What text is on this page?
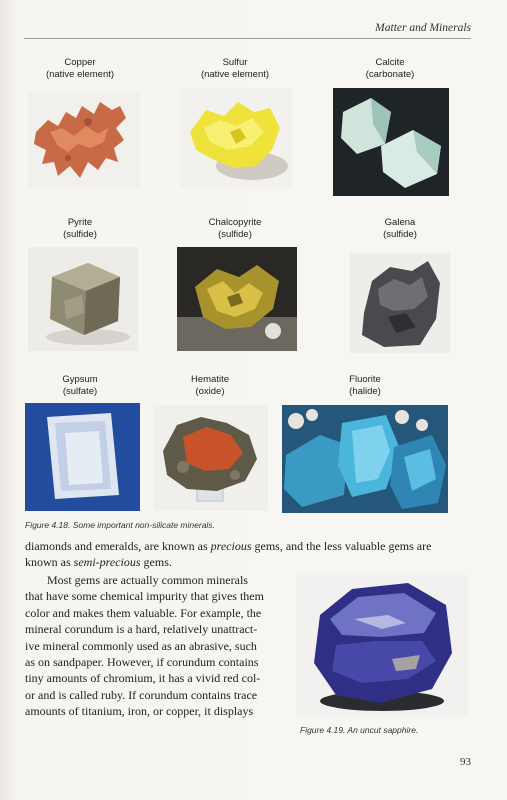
Matter and Minerals
Copper
(native element)
Sulfur
(native element)
Calcite
(carbonate)
Pyrite
(sulfide)
Chalcopyrite
(sulfide)
Galena
(sulfide)
Gypsum
(sulfate)
Hematite
(oxide)
Fluorite
(halide)
Figure 4.18. Some important non-silicate minerals.
diamonds and emeralds, are known as precious gems, and the less valuable gems are
known as semi-precious gems.
Most gems are actually common minerals
that have some chemical impurity that gives them
color and makes them valuable. For example, the
mineral corundum is a hard, relatively unattract-
ive mineral commonly used as an abrasive, such
as on sandpaper. However, if corundum contains
tiny amounts of chromium, it has a vivid red col-
or and is called ruby. If corundum contains trace
amounts of titanium, iron, or copper, it displays
Figure 4.19. An uncut sapphire.
93
